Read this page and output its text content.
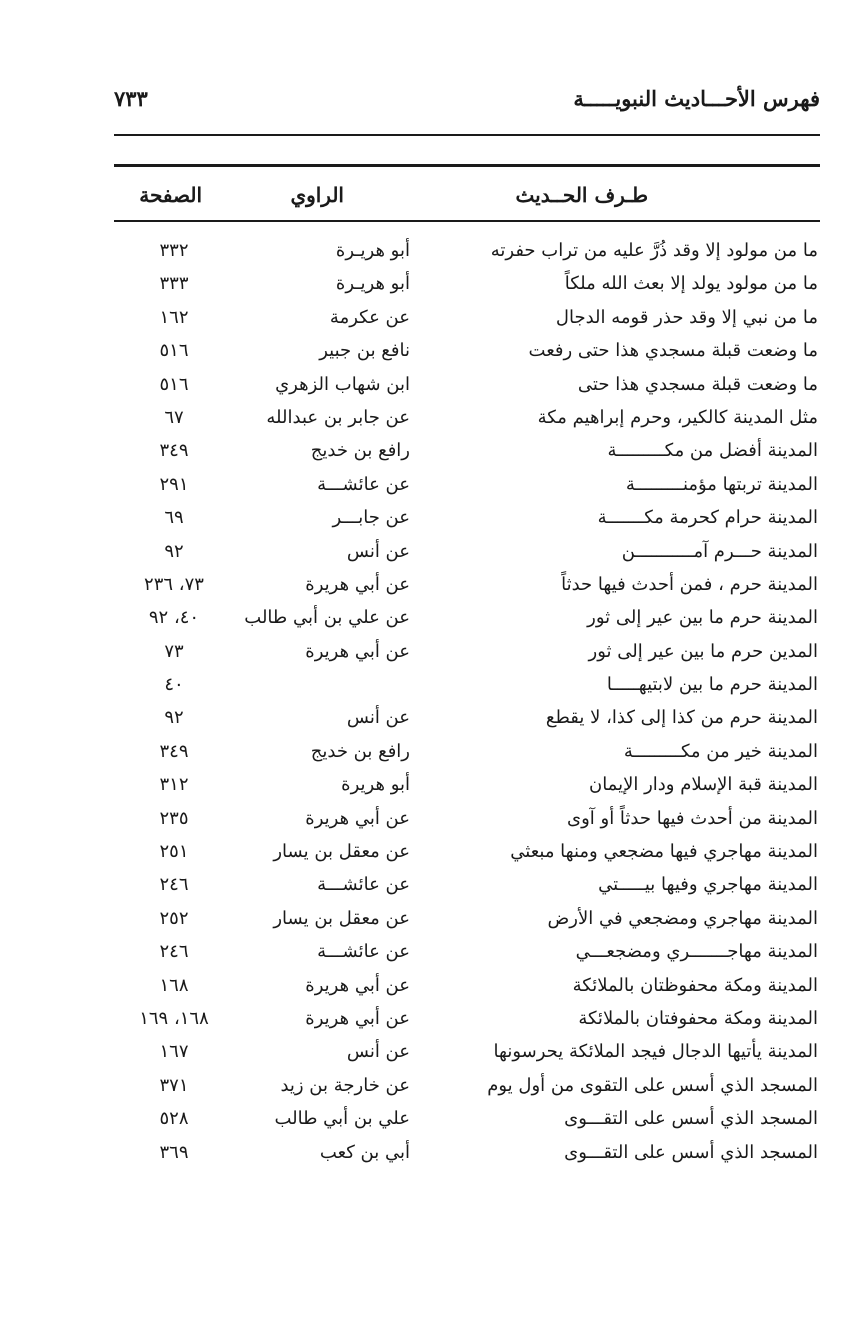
فهرس الأحـــاديث النبويـــــة
٧٣٣
طـرف الحــديث
الراوي
الصفحة
ما من مولود إلا وقد ذُرَّ عليه من تراب حفرته
أبو هريـرة
٣٣٢
ما من مولود يولد إلا بعث الله ملكاً
أبو هريـرة
٣٣٣
ما من نبي إلا وقد حذر قومه الدجال
عن عكرمة
١٦٢
ما وضعت قبلة مسجدي هذا حتى رفعت
نافع بن جبير
٥١٦
ما وضعت قبلة مسجدي هذا حتى
ابن شهاب الزهري
٥١٦
مثل المدينة كالكير، وحرم إبراهيم مكة
عن جابر بن عبدالله
٦٧
المدينة أفضل من مكـــــــــة
رافع بن خديج
٣٤٩
المدينة تربتها مؤمنـــــــــة
عن عائشـــة
٢٩١
المدينة حرام كحرمة مكـــــــة
عن جابـــر
٦٩
المدينة حـــرم آمـــــــــــن
عن أنس
٩٢
المدينة حرم ، فمن أحدث فيها حدثاً
عن أبي هريرة
٧٣، ٢٣٦
المدينة حرم ما بين عير إلى ثور
عن علي بن أبي طالب
٤٠، ٩٢
المدين حرم ما بين عير إلى ثور
عن أبي هريرة
٧٣
المدينة حرم ما بين لابتيهـــــا
٤٠
المدينة حرم من كذا إلى كذا، لا يقطع
عن أنس
٩٢
المدينة خير من مكـــــــــة
رافع بن خديج
٣٤٩
المدينة قبة الإسلام ودار الإيمان
أبو هريرة
٣١٢
المدينة من أحدث فيها حدثاً أو آوى
عن أبي هريرة
٢٣٥
المدينة مهاجري فيها مضجعي ومنها مبعثي
عن معقل بن يسار
٢٥١
المدينة مهاجري وفيها بيـــــتي
عن عائشـــة
٢٤٦
المدينة مهاجري ومضجعي في الأرض
عن معقل بن يسار
٢٥٢
المدينة مهاجـــــــري ومضجعـــي
عن عائشـــة
٢٤٦
المدينة ومكة محفوظتان بالملائكة
عن أبي هريرة
١٦٨
المدينة ومكة محفوفتان بالملائكة
عن أبي هريرة
١٦٨، ١٦٩
المدينة يأتيها الدجال فيجد الملائكة يحرسونها
عن أنس
١٦٧
المسجد الذي أسس على التقوى من أول يوم
عن خارجة بن زيد
٣٧١
المسجد الذي أسس على التقـــوى
علي بن أبي طالب
٥٢٨
المسجد الذي أسس على التقـــوى
أبي بن كعب
٣٦٩
